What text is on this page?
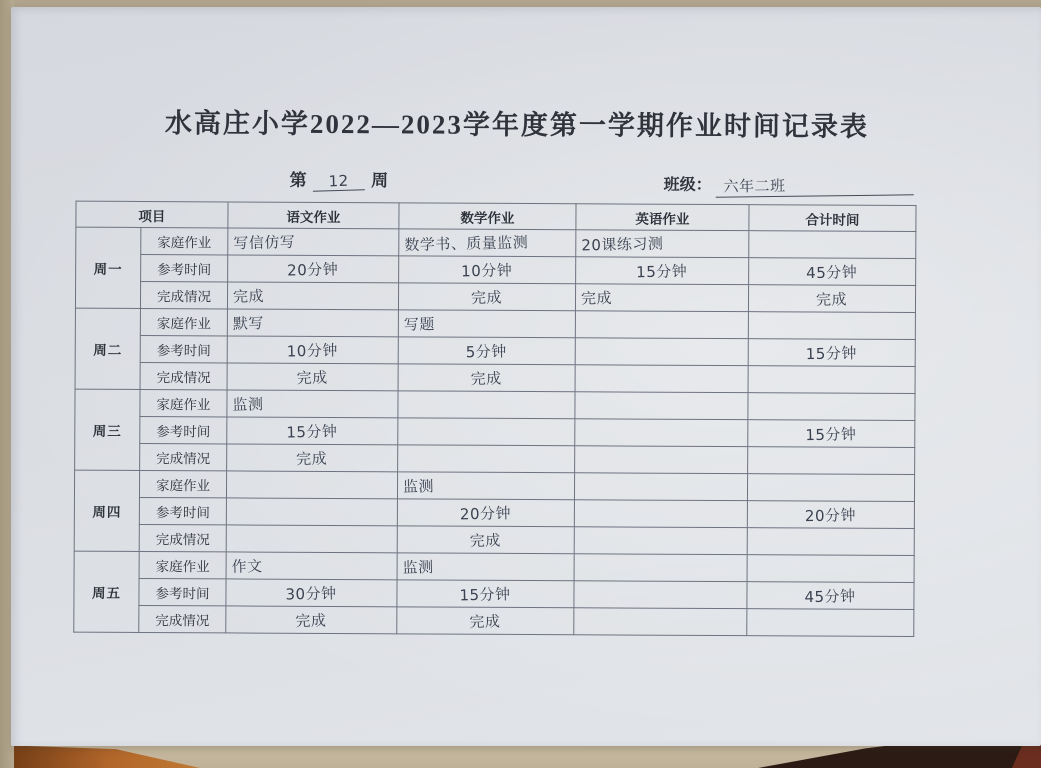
水高庄小学2022—2023学年度第一学期作业时间记录表
第 12 周	班级： 六年二班
项目		语文作业	数学作业	英语作业	合计时间
周一	家庭作业	写信仿写	数学书、质量监测	20课练习测	
	参考时间	20分钟	10分钟	15分钟	45分钟
	完成情况	完成	完成	完成	完成
周二	家庭作业	默写	写题		
	参考时间	10分钟	5分钟		15分钟
	完成情况	完成	完成		
周三	家庭作业	监测			
	参考时间	15分钟			15分钟
	完成情况	完成			
周四	家庭作业		监测		
	参考时间		20分钟		20分钟
	完成情况		完成		
周五	家庭作业	作文	监测		
	参考时间	30分钟	15分钟		45分钟
	完成情况	完成	完成		
